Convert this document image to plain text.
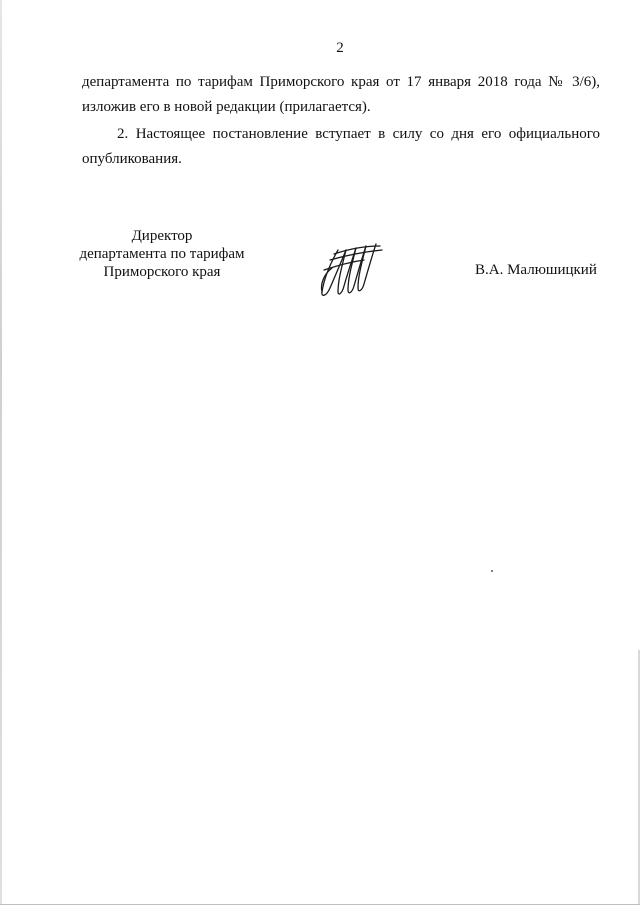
2
департамента по тарифам Приморского края от 17 января 2018 года № 3/6),
изложив его в новой редакции (прилагается).
2. Настоящее постановление вступает в силу со дня его официального
опубликования.
Директор
департамента по тарифам
Приморского края	В.А. Малюшицкий
